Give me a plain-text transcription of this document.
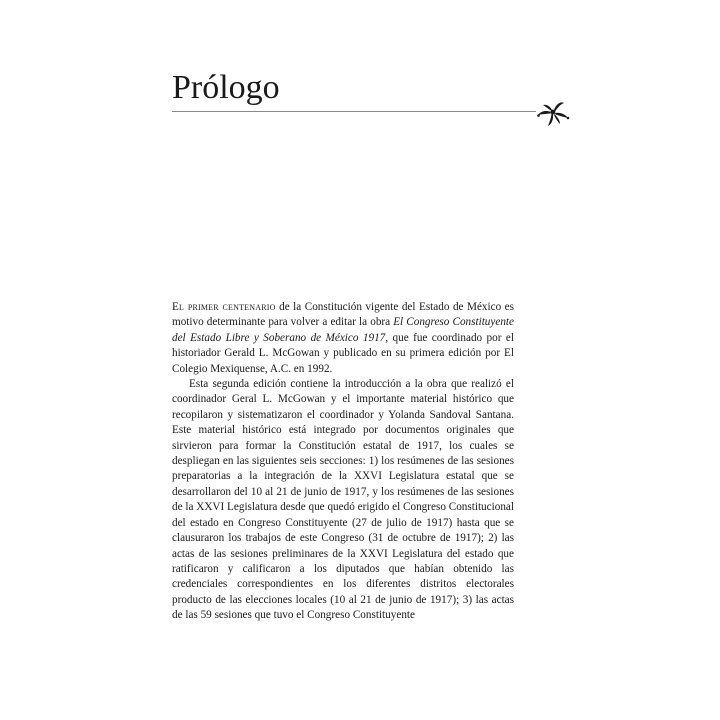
Prólogo

El primer centenario de la Constitución vigente del Estado de México es motivo determinante para volver a editar la obra El Congreso Constituyente del Estado Libre y Soberano de México 1917, que fue coordinado por el historiador Gerald L. McGowan y publicado en su primera edición por El Colegio Mexiquense, A.C. en 1992.

Esta segunda edición contiene la introducción a la obra que realizó el coordinador Geral L. McGowan y el importante material histórico que recopilaron y sistematizaron el coordinador y Yolanda Sandoval Santana. Este material histórico está integrado por documentos originales que sirvieron para formar la Constitución estatal de 1917, los cuales se despliegan en las siguientes seis secciones: 1) los resúmenes de las sesiones preparatorias a la integración de la XXVI Legislatura estatal que se desarrollaron del 10 al 21 de junio de 1917, y los resúmenes de las sesiones de la XXVI Legislatura desde que quedó erigido el Congreso Constitucional del estado en Congreso Constituyente (27 de julio de 1917) hasta que se clausuraron los trabajos de este Congreso (31 de octubre de 1917); 2) las actas de las sesiones preliminares de la XXVI Legislatura del estado que ratificaron y calificaron a los diputados que habían obtenido las credenciales correspondientes en los diferentes distritos electorales producto de las elecciones locales (10 al 21 de junio de 1917); 3) las actas de las 59 sesiones que tuvo el Congreso Constituyente
